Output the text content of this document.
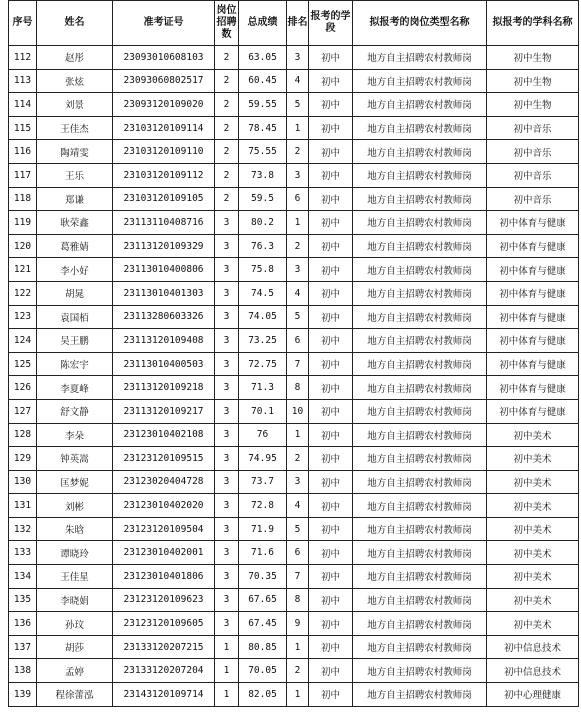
序号	姓名	准考证号	岗位招聘数	总成绩	排名	报考的学段	拟报考的岗位类型名称	拟报考的学科名称
112	赵彤	23093010608103	2	63.05	3	初中	地方自主招聘农村教师岗	初中生物
113	张炫	23093060802517	2	60.45	4	初中	地方自主招聘农村教师岗	初中生物
114	刘景	23093120109020	2	59.55	5	初中	地方自主招聘农村教师岗	初中生物
115	王佳杰	23103120109114	2	78.45	1	初中	地方自主招聘农村教师岗	初中音乐
116	陶靖雯	23103120109110	2	75.55	2	初中	地方自主招聘农村教师岗	初中音乐
117	王乐	23103120109112	2	73.8	3	初中	地方自主招聘农村教师岗	初中音乐
118	郑谦	23103120109105	2	59.5	6	初中	地方自主招聘农村教师岗	初中音乐
119	耿荣鑫	23113110408716	3	80.2	1	初中	地方自主招聘农村教师岗	初中体育与健康
120	葛雅婧	23113120109329	3	76.3	2	初中	地方自主招聘农村教师岗	初中体育与健康
121	李小好	23113010400806	3	75.8	3	初中	地方自主招聘农村教师岗	初中体育与健康
122	胡晁	23113010401303	3	74.5	4	初中	地方自主招聘农村教师岗	初中体育与健康
123	袁国栢	23113280603326	3	74.05	5	初中	地方自主招聘农村教师岗	初中体育与健康
124	吴王鹏	23113120109408	3	73.25	6	初中	地方自主招聘农村教师岗	初中体育与健康
125	陈宏宇	23113010400503	3	72.75	7	初中	地方自主招聘农村教师岗	初中体育与健康
126	李夏峰	23113120109218	3	71.3	8	初中	地方自主招聘农村教师岗	初中体育与健康
127	舒文静	23113120109217	3	70.1	10	初中	地方自主招聘农村教师岗	初中体育与健康
128	李朵	23123010402108	3	76	1	初中	地方自主招聘农村教师岗	初中美术
129	钟英嵩	23123120109515	3	74.95	2	初中	地方自主招聘农村教师岗	初中美术
130	匡梦妮	23123020404728	3	73.7	3	初中	地方自主招聘农村教师岗	初中美术
131	刘彬	23123010402020	3	72.8	4	初中	地方自主招聘农村教师岗	初中美术
132	朱晗	23123120109504	3	71.9	5	初中	地方自主招聘农村教师岗	初中美术
133	谭晓玲	23123010402001	3	71.6	6	初中	地方自主招聘农村教师岗	初中美术
134	王佳星	23123010401806	3	70.35	7	初中	地方自主招聘农村教师岗	初中美术
135	李晓娟	23123120109623	3	67.65	8	初中	地方自主招聘农村教师岗	初中美术
136	孙玟	23123120109605	3	67.45	9	初中	地方自主招聘农村教师岗	初中美术
137	胡莎	23133120207215	1	80.85	1	初中	地方自主招聘农村教师岗	初中信息技术
138	孟婷	23133120207204	1	70.05	2	初中	地方自主招聘农村教师岗	初中信息技术
139	程徐蕾泓	23143120109714	1	82.05	1	初中	地方自主招聘农村教师岗	初中心理健康
